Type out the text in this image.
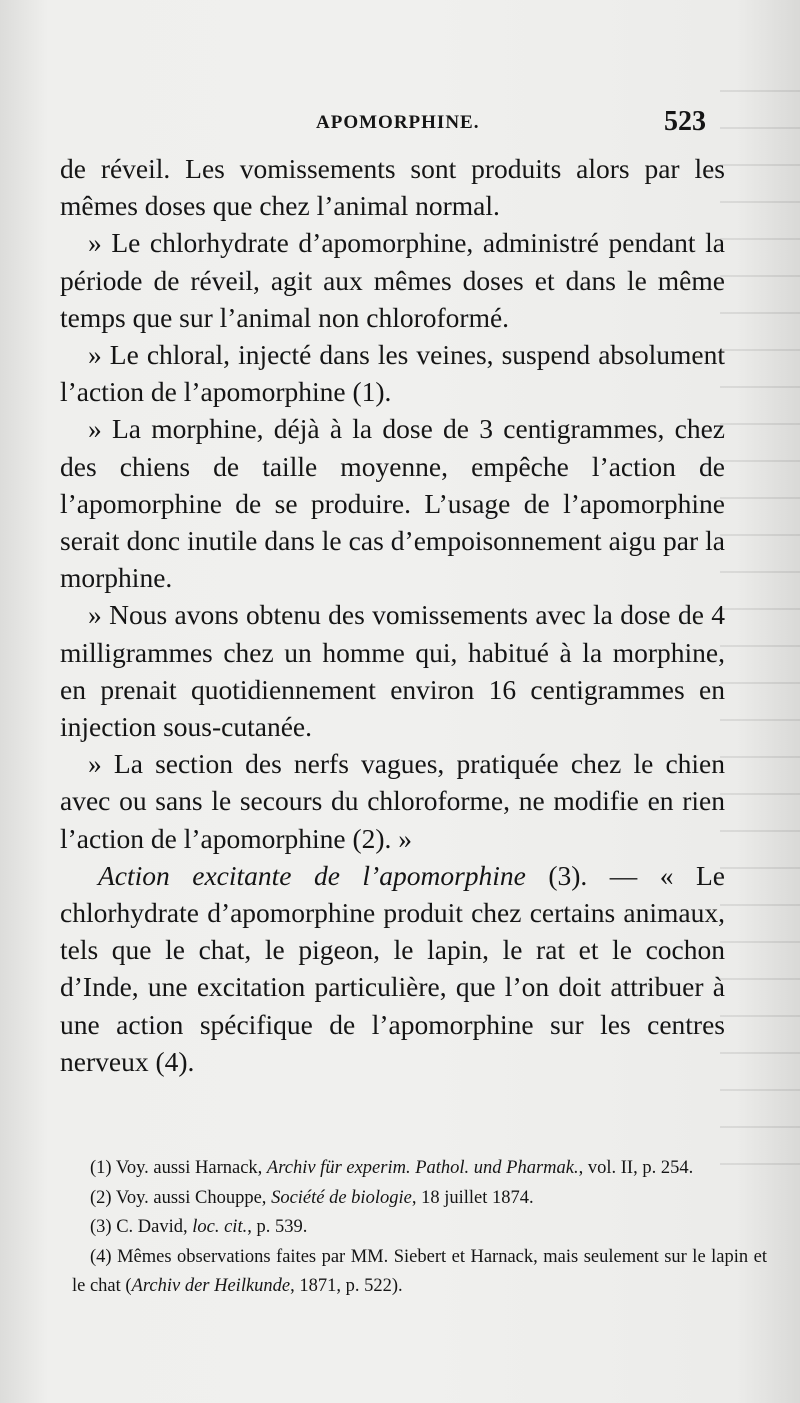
APOMORPHINE.	523

de réveil. Les vomissements sont produits alors par les mêmes doses que chez l’animal normal.

» Le chlorhydrate d’apomorphine, administré pendant la période de réveil, agit aux mêmes doses et dans le même temps que sur l’animal non chloroformé.

» Le chloral, injecté dans les veines, suspend absolument l’action de l’apomorphine (1).

» La morphine, déjà à la dose de 3 centigrammes, chez des chiens de taille moyenne, empêche l’action de l’apomorphine de se produire. L’usage de l’apomorphine serait donc inutile dans le cas d’empoisonnement aigu par la morphine.

» Nous avons obtenu des vomissements avec la dose de 4 milligrammes chez un homme qui, habitué à la morphine, en prenait quotidiennement environ 16 centigrammes en injection sous-cutanée.

» La section des nerfs vagues, pratiquée chez le chien avec ou sans le secours du chloroforme, ne modifie en rien l’action de l’apomorphine (2). »

Action excitante de l’apomorphine (3). — « Le chlorhydrate d’apomorphine produit chez certains animaux, tels que le chat, le pigeon, le lapin, le rat et le cochon d’Inde, une excitation particulière, que l’on doit attribuer à une action spécifique de l’apomorphine sur les centres nerveux (4).

(1) Voy. aussi Harnack, Archiv für experim. Pathol. und Pharmak., vol. II, p. 254.

(2) Voy. aussi Chouppe, Société de biologie, 18 juillet 1874.

(3) C. David, loc. cit., p. 539.

(4) Mêmes observations faites par MM. Siebert et Harnack, mais seulement sur le lapin et le chat (Archiv der Heilkunde, 1871, p. 522).
